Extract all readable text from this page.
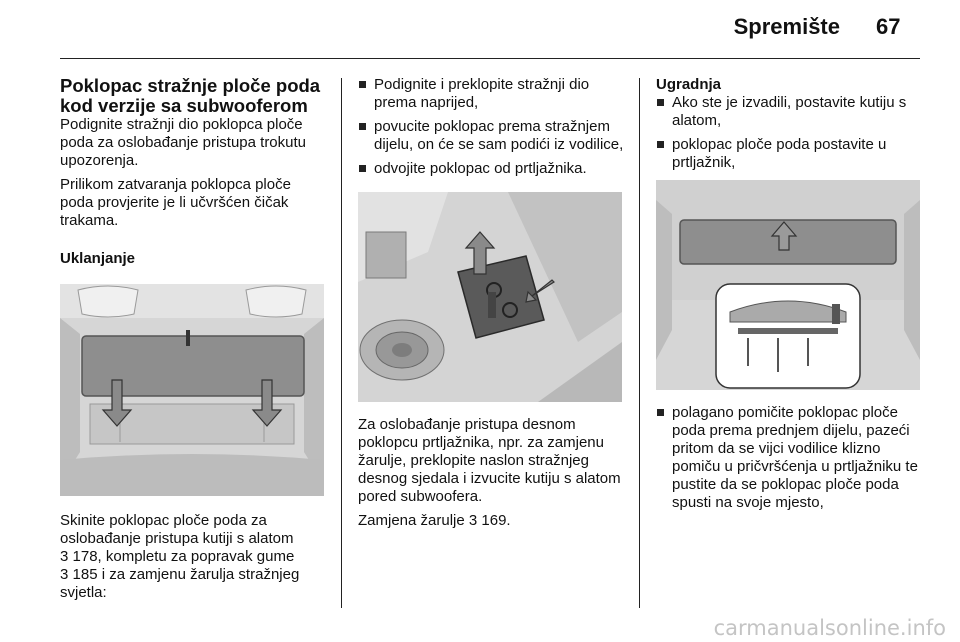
Spremište 67
Poklopac stražnje ploče poda kod verzije sa subwooferom

Podignite stražnji dio poklopca ploče poda za oslobađanje pristupa trokutu upozorenja.

Prilikom zatvaranja poklopca ploče poda provjerite je li učvršćen čičak trakama.

Uklanjanje

Skinite poklopac ploče poda za
oslobađanje pristupa kutiji s alatom
3 178, kompletu za popravak gume
3 185 i za zamjenu žarulja stražnjeg
svjetla:
Podignite i preklopite stražnji dio prema naprijed,
povucite poklopac prema stražnjem dijelu, on će se sam podići iz vodilice,
odvojite poklopac od prtljažnika.

Za oslobađanje pristupa desnom poklopcu prtljažnika, npr. za zamjenu žarulje, preklopite naslon stražnjeg desnog sjedala i izvucite kutiju s alatom pored subwoofera.

Zamjena žarulje 3 169.

Ugradnja

Ako ste je izvadili, postavite kutiju s alatom,
poklopac ploče poda postavite u prtljažnik,
polagano pomičite poklopac ploče poda prema prednjem dijelu, pazeći pritom da se vijci vodilice klizno pomiču u pričvršćenja u prtljažniku te pustite da se poklopac ploče poda spusti na svoje mjesto,
carmanualsonline.info
